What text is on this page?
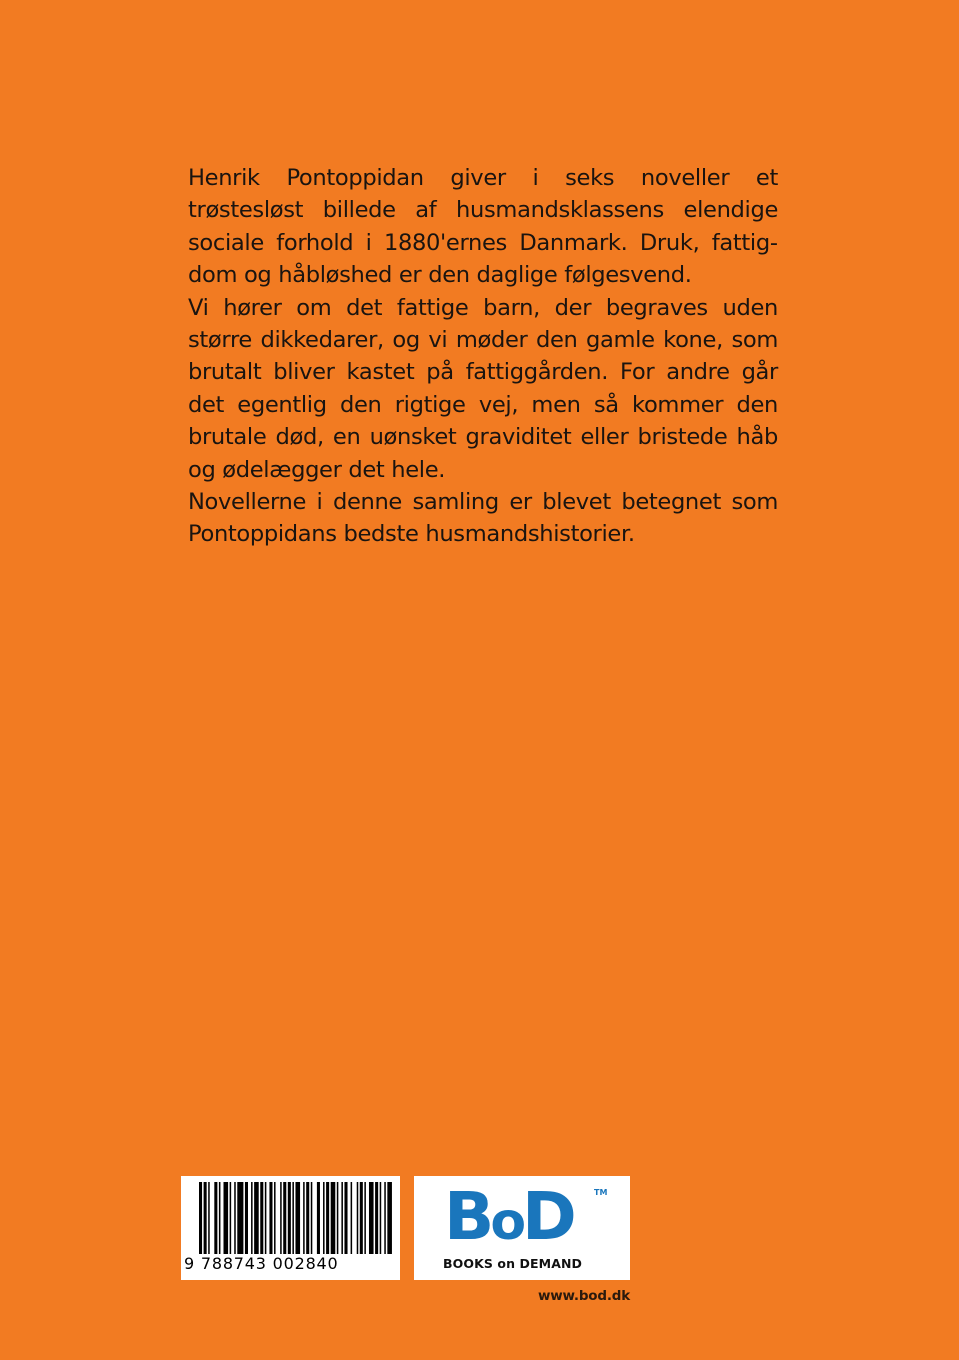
Henrik Pontoppidan giver i seks noveller et trøstesløst billede af husmandsklassens elendige sociale forhold i 1880'ernes Danmark. Druk, fattigdom og håbløshed er den daglige følgesvend.

Vi hører om det fattige barn, der begraves uden større dikkedarer, og vi møder den gamle kone, som brutalt bliver kastet på fattiggården. For andre går det egentlig den rigtige vej, men så kommer den brutale død, en uønsket graviditet eller bristede håb og ødelægger det hele.

Novellerne i denne samling er blevet betegnet som Pontoppidans bedste husmandshistorier.

9 788743 002840
BoD	TM
BOOKS on DEMAND
www.bod.dk
